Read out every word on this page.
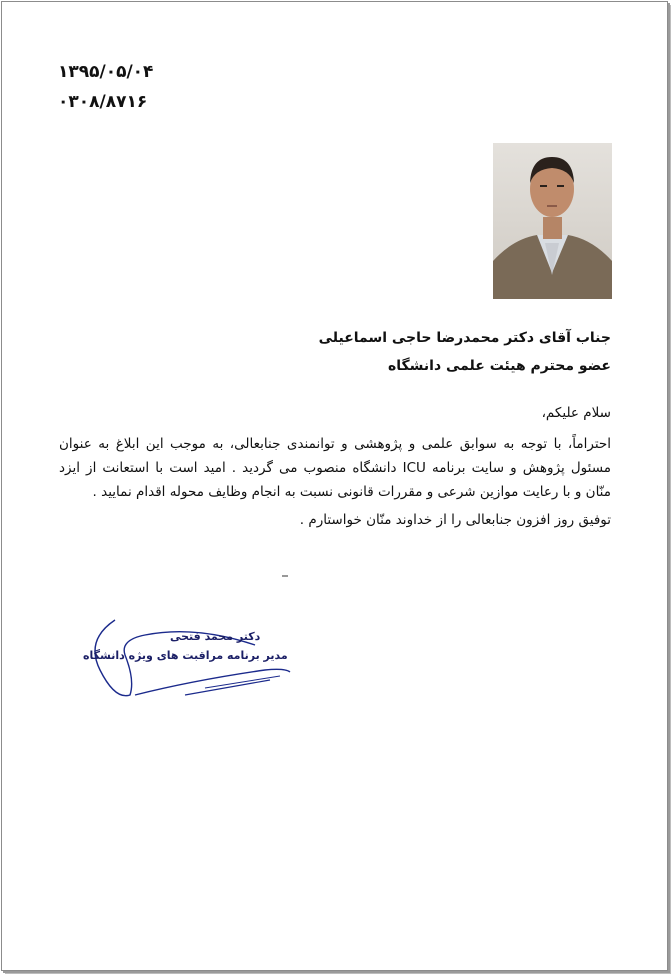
۱۳۹۵/۰۵/۰۴
۰۳۰۸/۸۷۱۶
جناب آقای دکتر محمدرضا حاجی اسماعیلی
عضو محترم هیئت علمی دانشگاه
سلام علیکم،

احتراماً، با توجه به سوابق علمی و پژوهشی و توانمندی جنابعالی، به موجب این ابلاغ به عنوان مسئول پژوهش و سایت برنامه ICU دانشگاه منصوب می گردید . امید است با استعانت از ایزد منّان و با رعایت موازین شرعی و مقررات قانونی نسبت به انجام وظایف محوله اقدام نمایید .

توفیق روز افزون جنابعالی را از خداوند منّان خواستارم .
دکتر محمد فتحی
مدیر برنامه مراقبت های ویژه دانشگاه
